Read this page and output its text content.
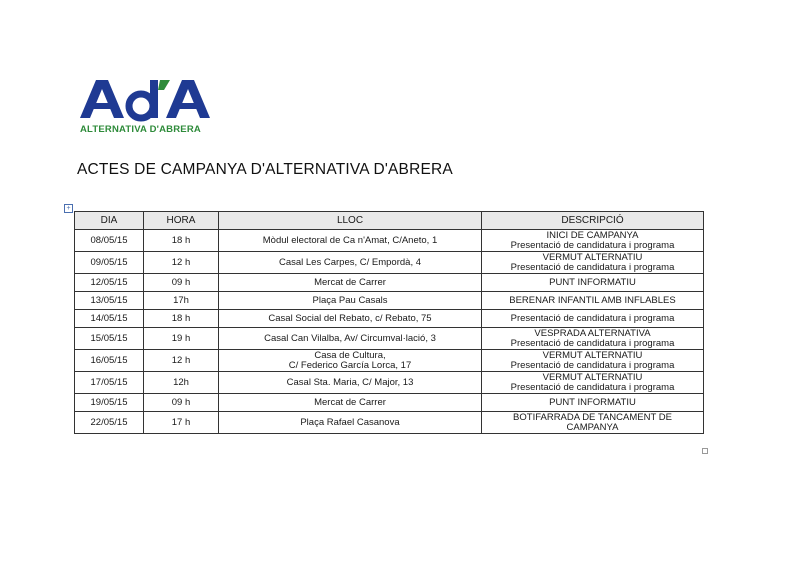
ALTERNATIVA D'ABRERA
ACTES DE CAMPANYA D'ALTERNATIVA D'ABRERA
+
DIA	HORA	LLOC	DESCRIPCIÓ
08/05/15	18 h	Mòdul electoral de Ca n'Amat, C/Aneto, 1	INICI DE CAMPANYA
Presentació de candidatura i programa

09/05/15	12 h	Casal Les Carpes, C/ Empordà, 4	VERMUT ALTERNATIU
Presentació de candidatura i programa

12/05/15	09 h	Mercat de Carrer	PUNT INFORMATIU

13/05/15	17h	Plaça Pau Casals	BERENAR INFANTIL AMB INFLABLES

14/05/15	18 h	Casal Social del Rebato, c/ Rebato, 75	Presentació de candidatura i programa

15/05/15	19 h	Casal Can Vilalba, Av/ Circumval·lació, 3	VESPRADA ALTERNATIVA
Presentació de candidatura i programa

16/05/15	12 h	Casa de Cultura,
C/ Federico García Lorca, 17	VERMUT ALTERNATIU
Presentació de candidatura i programa

17/05/15	12h	Casal Sta. Maria, C/ Major, 13	VERMUT ALTERNATIU
Presentació de candidatura i programa

19/05/15	09 h	Mercat de Carrer	PUNT INFORMATIU

22/05/15	17 h	Plaça Rafael Casanova	BOTIFARRADA DE TANCAMENT DE
CAMPANYA
